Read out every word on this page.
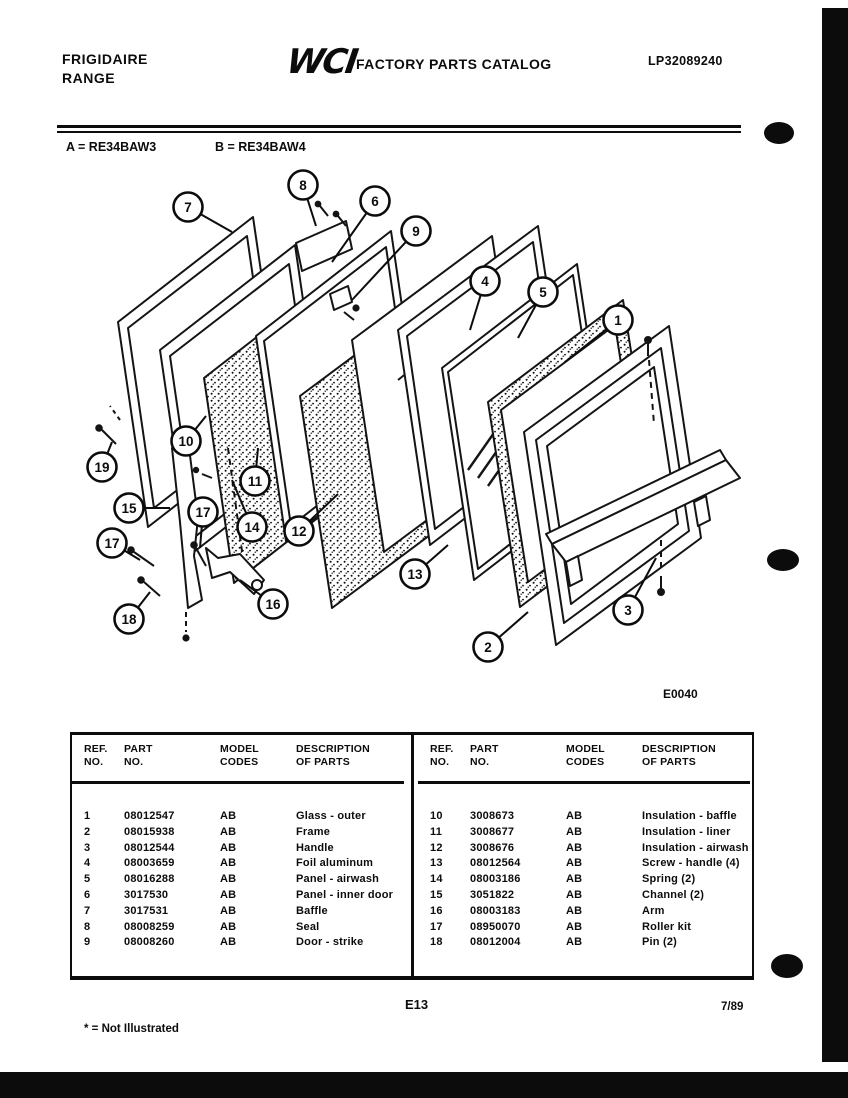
7
8
6
9
4
5
1
19
10
11
15	17
17
14 12
13
16
18
2
3
FRIGIDAIRE
RANGE	WCI
FACTORY PARTS CATALOG	LP32089240
A = RE34BAW3	B = RE34BAW4
E0040
REF.
NO.
PART
NO.
MODEL
CODES
DESCRIPTION
OF PARTS
1	08012547	AB	Glass - outer
2	08015938	AB	Frame
3	08012544	AB	Handle
4	08003659	AB	Foil aluminum
5	08016288	AB	Panel - airwash
6	3017530	AB	Panel - inner door
7	3017531	AB	Baffle
8	08008259	AB	Seal
9	08008260	AB	Door - strike
REF.
NO.
PART
NO.
MODEL
CODES
DESCRIPTION
OF PARTS
10	3008673	AB	Insulation - baffle
11	3008677	AB	Insulation - liner
12	3008676	AB	Insulation - airwash
13	08012564	AB	Screw - handle (4)
14	08003186	AB	Spring (2)
15	3051822	AB	Channel (2)
16	08003183	AB	Arm
17	08950070	AB	Roller kit
18	08012004	AB	Pin (2)
E13	7/89
* = Not Illustrated
